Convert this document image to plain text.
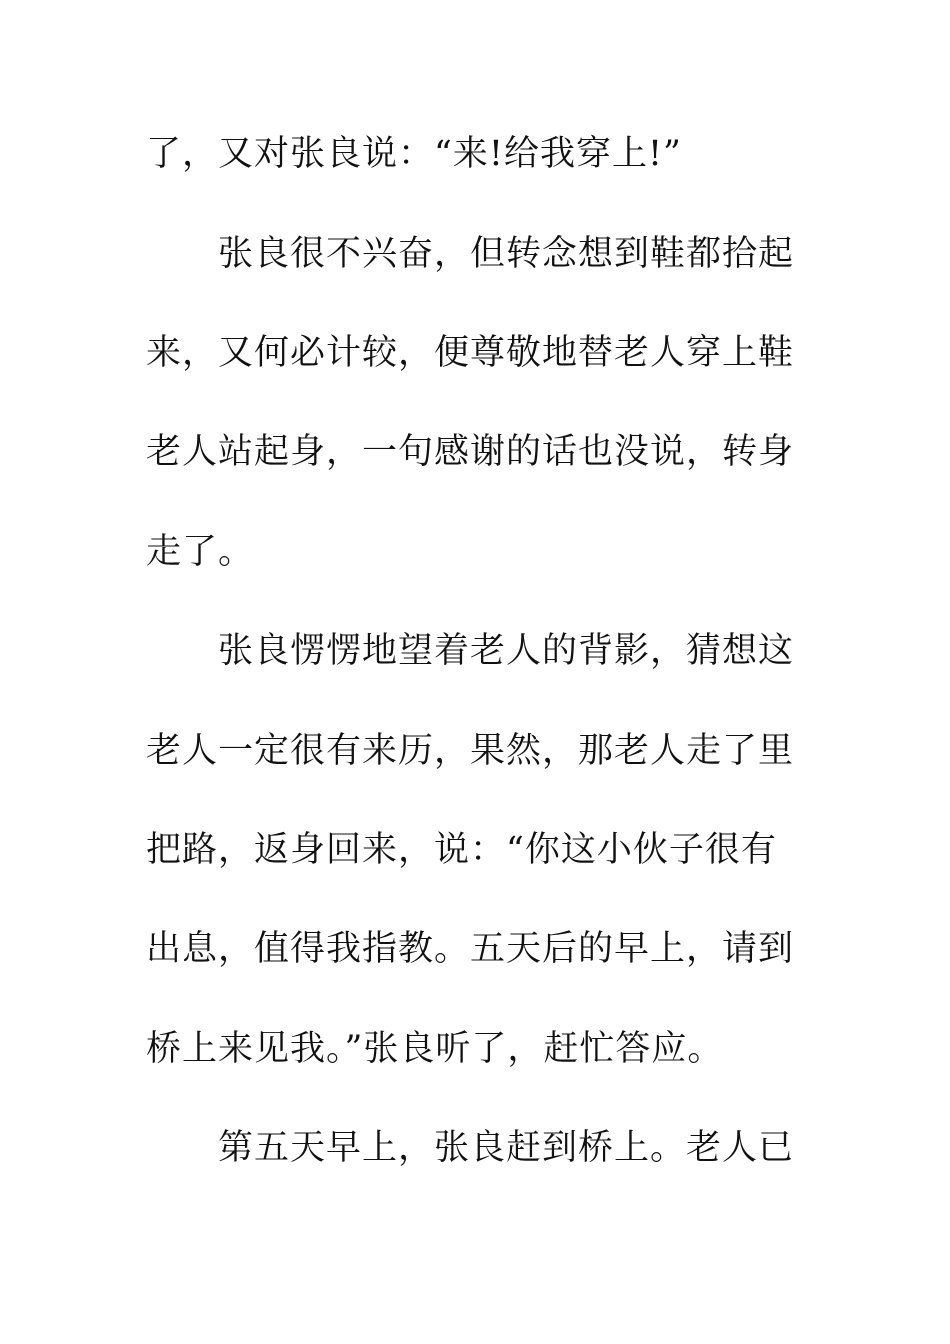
了，又对张良说：“来!给我穿上!”
　　张良很不兴奋，但转念想到鞋都拾起
来，又何必计较，便尊敬地替老人穿上鞋
老人站起身，一句感谢的话也没说，转身
走了。
　　张良愣愣地望着老人的背影，猜想这
老人一定很有来历，果然，那老人走了里
把路，返身回来，说：“你这小伙子很有
出息，值得我指教。五天后的早上，请到
桥上来见我。”张良听了，赶忙答应。
　　第五天早上，张良赶到桥上。老人已
